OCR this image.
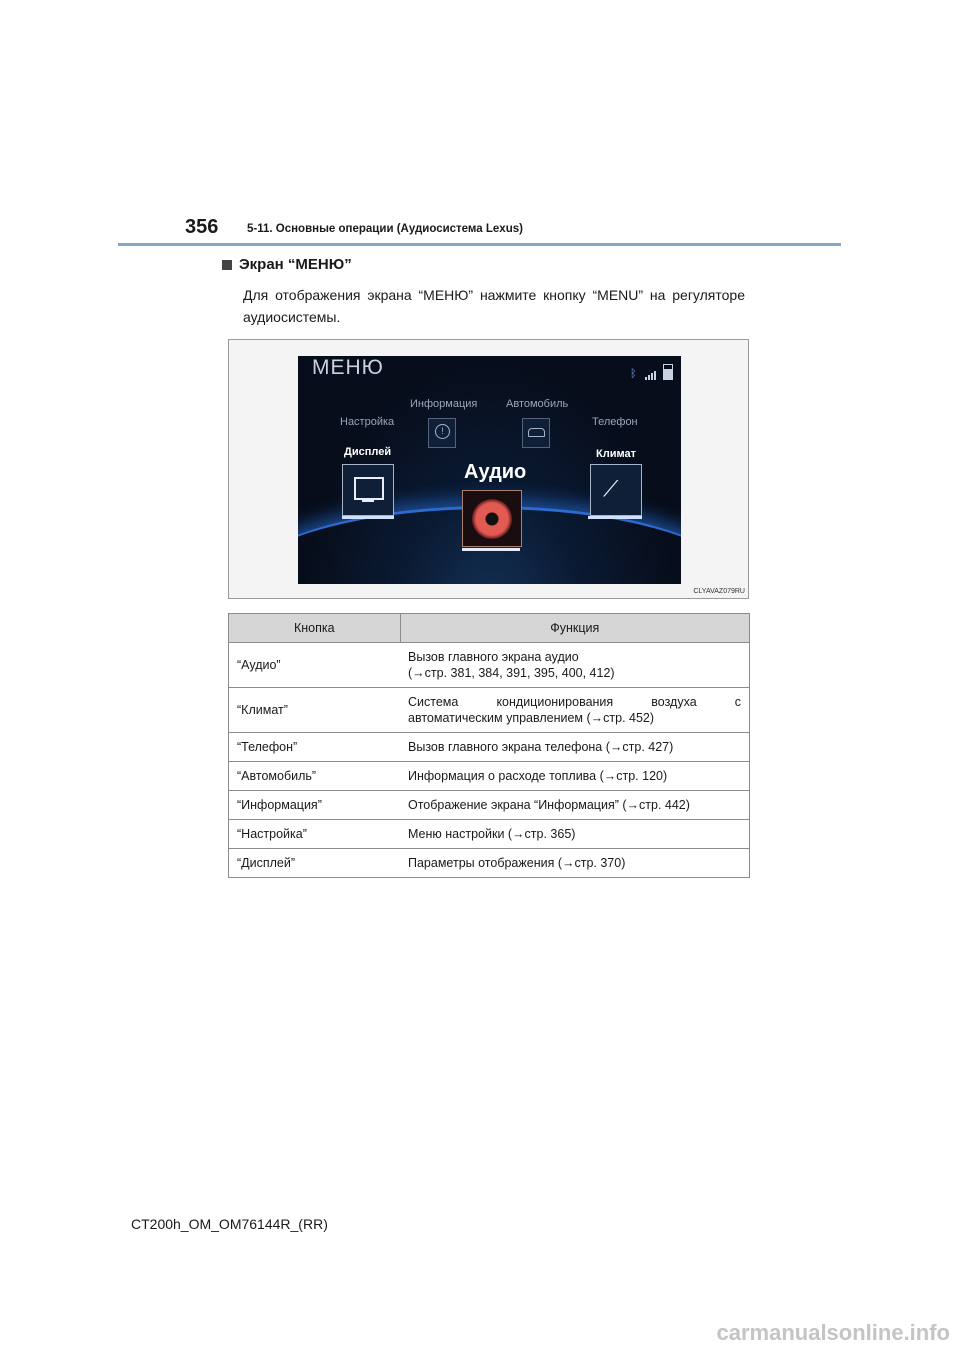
356 5-11. Основные операции (Аудиосистема Lexus)
Экран “МЕНЮ”
Для отображения экрана “МЕНЮ” нажмите кнопку “MENU” на регуляторе аудиосистемы.
МЕНЮ	ᛒ
Настройка
Информация	Автомобиль
Телефон
!
Дисплей
Аудио
Климат
⟋
CLYAVAZ079RU
Кнопка	Функция
“Аудио”	Вызов главного экрана аудио
(→стр. 381, 384, 391, 395, 400, 412)

“Климат”	Система кондиционирования воздуха с
автоматическим управлением (→стр. 452)

“Телефон”	Вызов главного экрана телефона (→стр. 427)

“Автомобиль”	Информация о расходе топлива (→стр. 120)

“Информация”	Отображение экрана “Информация” (→стр. 442)

“Настройка”	Меню настройки (→стр. 365)

“Дисплей”	Параметры отображения (→стр. 370)
CT200h_OM_OM76144R_(RR)
carmanualsonline.info
